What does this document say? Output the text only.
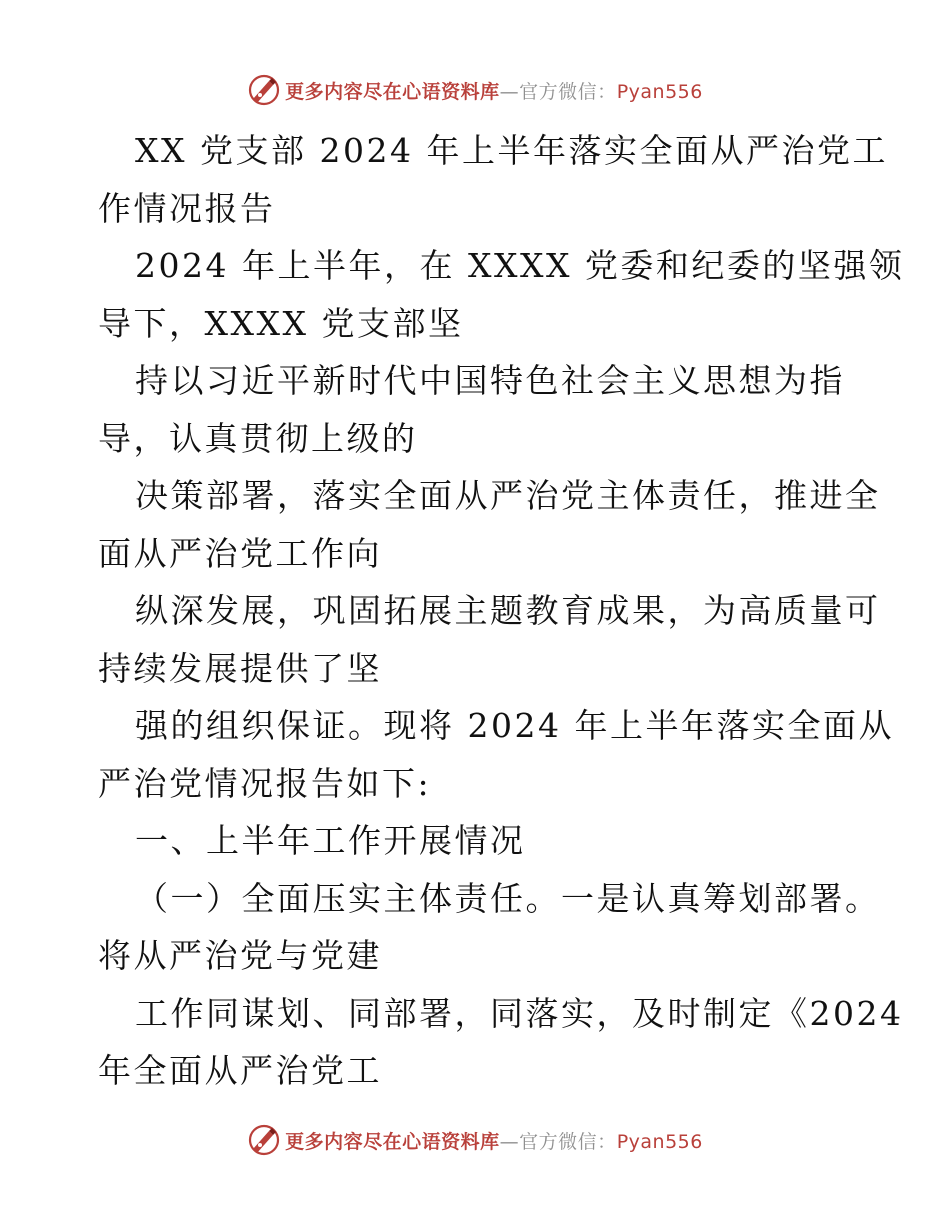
更多内容尽在心语资料库—官方微信：Pyan556
XX 党支部 2024 年上半年落实全面从严治党工
作情况报告
2024 年上半年，在 XXXX 党委和纪委的坚强领
导下，XXXX 党支部坚
持以习近平新时代中国特色社会主义思想为指
导，认真贯彻上级的
决策部署，落实全面从严治党主体责任，推进全
面从严治党工作向
纵深发展，巩固拓展主题教育成果，为高质量可
持续发展提供了坚
强的组织保证。现将 2024 年上半年落实全面从
严治党情况报告如下:
一、上半年工作开展情况
（一）全面压实主体责任。一是认真筹划部署。
将从严治党与党建
工作同谋划、同部署，同落实，及时制定《2024
年全面从严治党工
更多内容尽在心语资料库—官方微信：Pyan556
